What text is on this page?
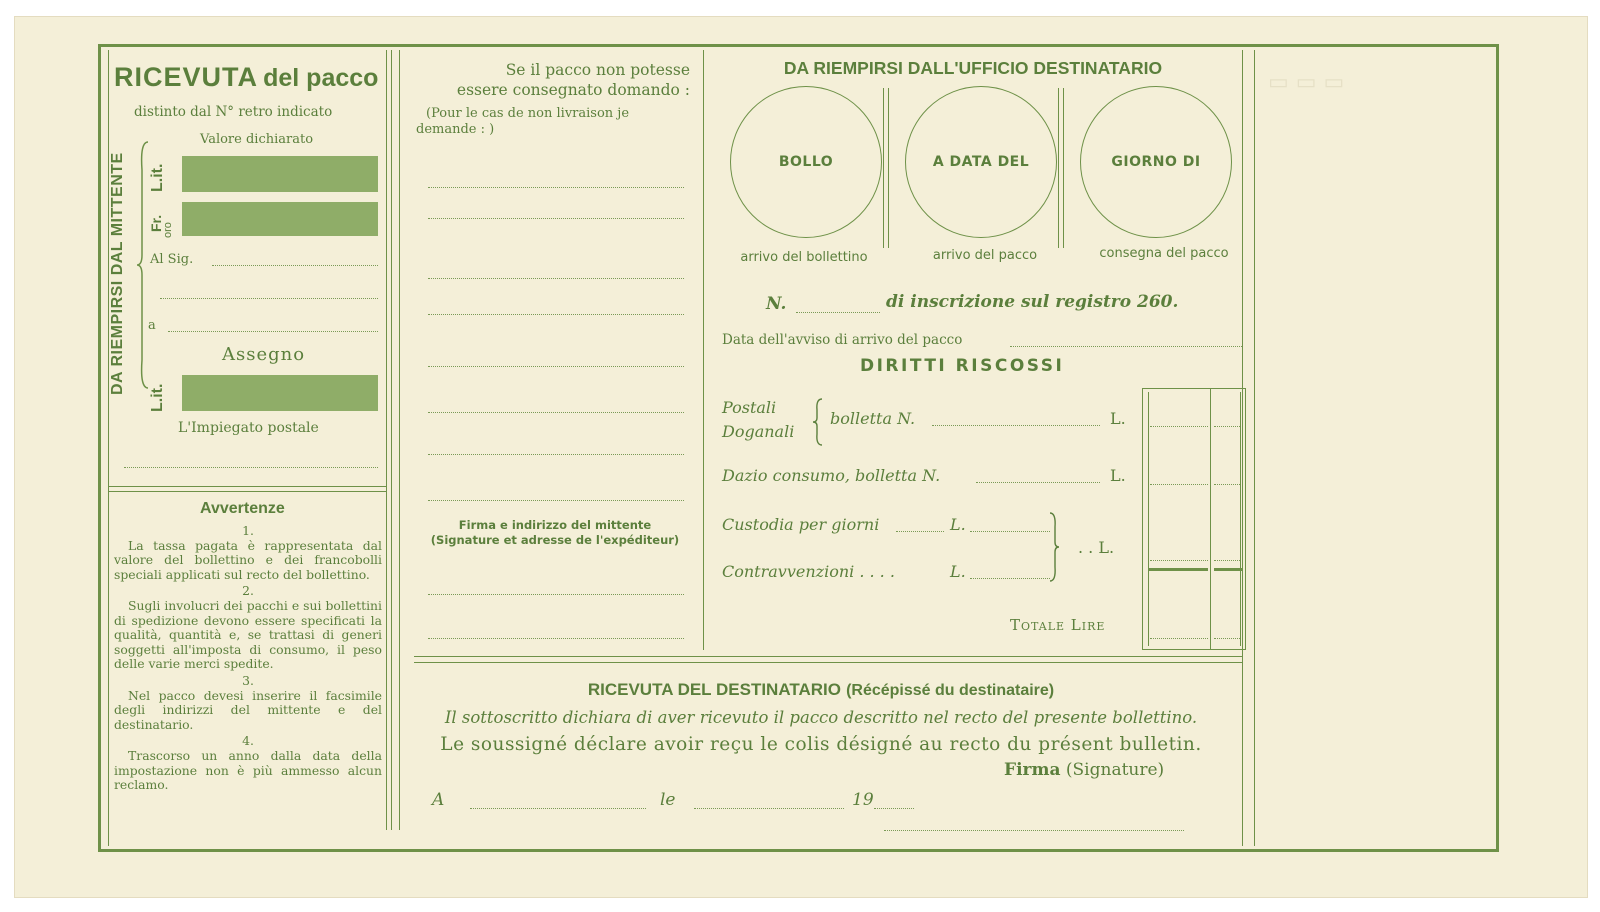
▭ ▭ ▭
RICEVUTA del pacco
distinto dal N° retro indicato
Valore dichiarato
DA RIEMPIRSI DAL MITTENTE L.it.
Fr.
oro
Al Sig.
a
Assegno
L.it.
L'Impiegato postale
Avvertenze
1.
La tassa pagata è rappresentata dal valore del bollettino e dei francobolli speciali applicati sul recto del bollettino.
2.
Sugli involucri dei pacchi e sui bollettini di spedizione devono essere specificati la qualità, quantità e, se trattasi di generi soggetti all'imposta di consumo, il peso delle varie merci spedite.
3.
Nel pacco devesi inserire il facsimile degli indirizzi del mittente e del destinatario.
4.
Trascorso un anno dalla data della impostazione non è più ammesso alcun reclamo.
Se il pacco non potesse
essere consegnato domando :
(Pour le cas de non livraison je
demande : )
Firma e indirizzo del mittente
(Signature et adresse de l'expéditeur)
DA RIEMPIRSI DALL'UFFICIO DESTINATARIO
BOLLO	A DATA DEL	GIORNO DI
arrivo del bollettino	arrivo del pacco	consegna del pacco
N.	di inscrizione sul registro 260.
Data dell'avviso di arrivo del pacco
DIRITTI RISCOSSI
Postali
Doganali
bolletta N.	L.
Dazio consumo, bolletta N.	L.
Custodia per giorni	L.
Contravvenzioni . . . .	L.
. . L.
Totale Lire
RICEVUTA DEL DESTINATARIO (Récépissé du destinataire)
Il sottoscritto dichiara di aver ricevuto il pacco descritto nel recto del presente bollettino.
Le soussigné déclare avoir reçu le colis désigné au recto du présent bulletin.
Firma (Signature)
A	le	19
